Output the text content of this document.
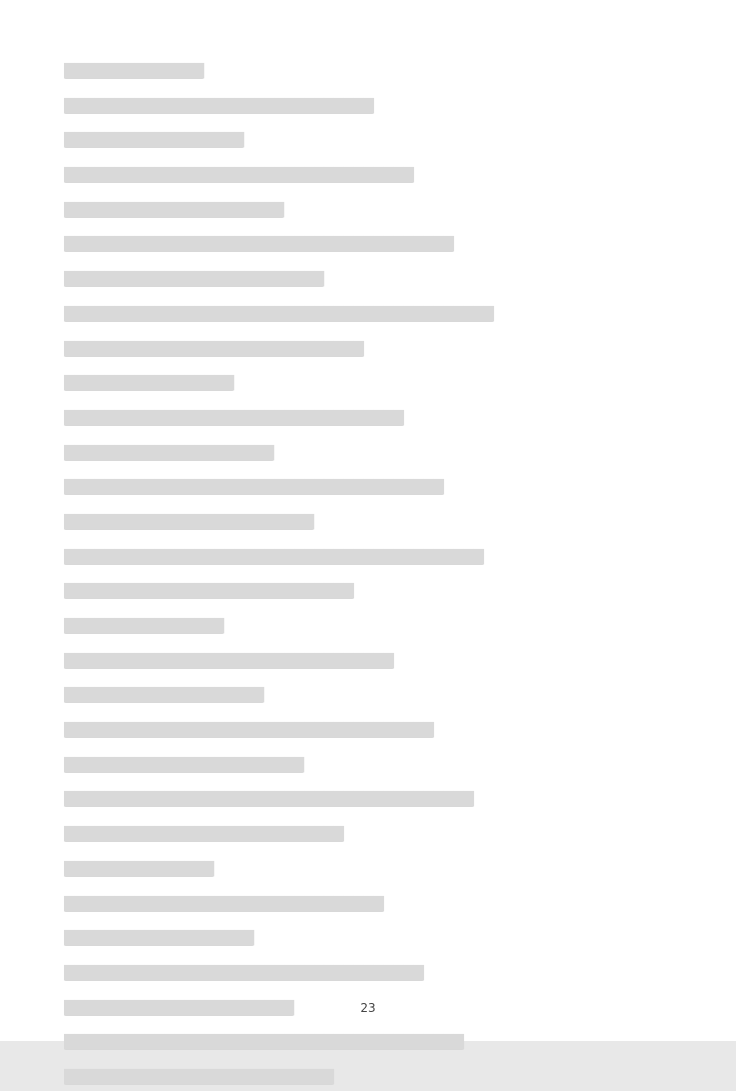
██████████████

███████████████████████████████

██████████████████

███████████████████████████████████

██████████████████████

███████████████████████████████████████

██████████████████████████

███████████████████████████████████████████

██████████████████████████████

█████████████████

██████████████████████████████████

█████████████████████

██████████████████████████████████████

█████████████████████████

██████████████████████████████████████████

█████████████████████████████

████████████████

█████████████████████████████████

████████████████████

█████████████████████████████████████

████████████████████████

█████████████████████████████████████████

████████████████████████████

███████████████

████████████████████████████████

███████████████████

████████████████████████████████████

███████████████████████

████████████████████████████████████████

███████████████████████████

23
